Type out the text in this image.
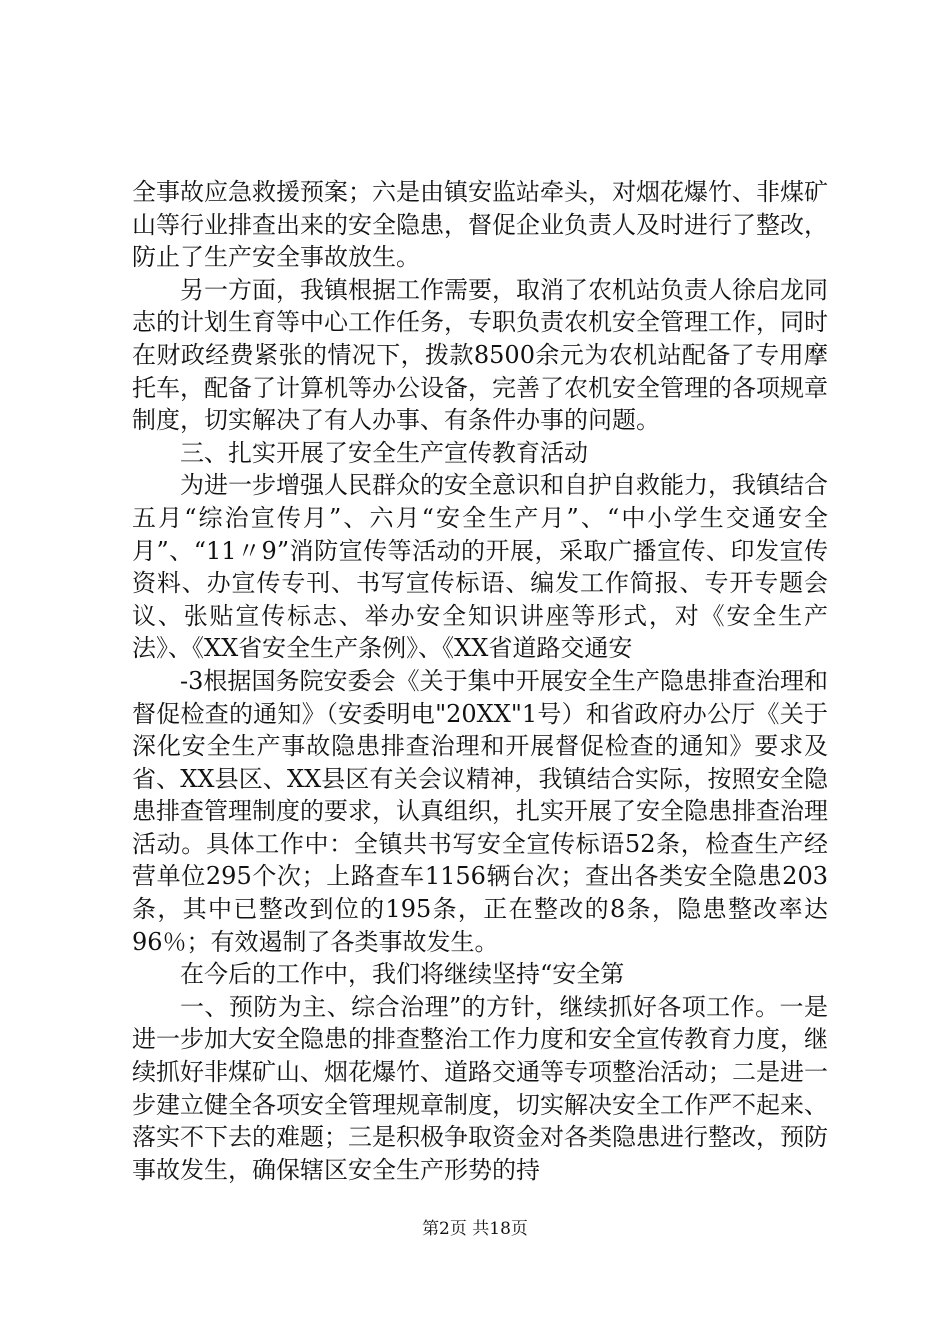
全事故应急救援预案；六是由镇安监站牵头，对烟花爆竹、非煤矿山等行业排查出来的安全隐患，督促企业负责人及时进行了整改，防止了生产安全事故放生。

另一方面，我镇根据工作需要，取消了农机站负责人徐启龙同志的计划生育等中心工作任务，专职负责农机安全管理工作，同时在财政经费紧张的情况下，拨款8500余元为农机站配备了专用摩托车，配备了计算机等办公设备，完善了农机安全管理的各项规章制度，切实解决了有人办事、有条件办事的问题。

三、扎实开展了安全生产宣传教育活动

为进一步增强人民群众的安全意识和自护自救能力，我镇结合五月“综治宣传月”、六月“安全生产月”、“中小学生交通安全月”、“11〃9”消防宣传等活动的开展，采取广播宣传、印发宣传资料、办宣传专刊、书写宣传标语、编发工作简报、专开专题会议、张贴宣传标志、举办安全知识讲座等形式，对《安全生产法》、《XX省安全生产条例》、《XX省道路交通安

-3根据国务院安委会《关于集中开展安全生产隐患排查治理和督促检查的通知》（安委明电"20XX"1号）和省政府办公厅《关于深化安全生产事故隐患排查治理和开展督促检查的通知》要求及省、XX县区、XX县区有关会议精神，我镇结合实际，按照安全隐患排查管理制度的要求，认真组织，扎实开展了安全隐患排查治理活动。具体工作中：全镇共书写安全宣传标语52条，检查生产经营单位295个次；上路查车1156辆台次；查出各类安全隐患203条，其中已整改到位的195条，正在整改的8条，隐患整改率达96％；有效遏制了各类事故发生。

在今后的工作中，我们将继续坚持“安全第

一、预防为主、综合治理”的方针，继续抓好各项工作。一是进一步加大安全隐患的排查整治工作力度和安全宣传教育力度，继续抓好非煤矿山、烟花爆竹、道路交通等专项整治活动；二是进一步建立健全各项安全管理规章制度，切实解决安全工作严不起来、落实不下去的难题；三是积极争取资金对各类隐患进行整改，预防事故发生，确保辖区安全生产形势的持

第2页 共18页
